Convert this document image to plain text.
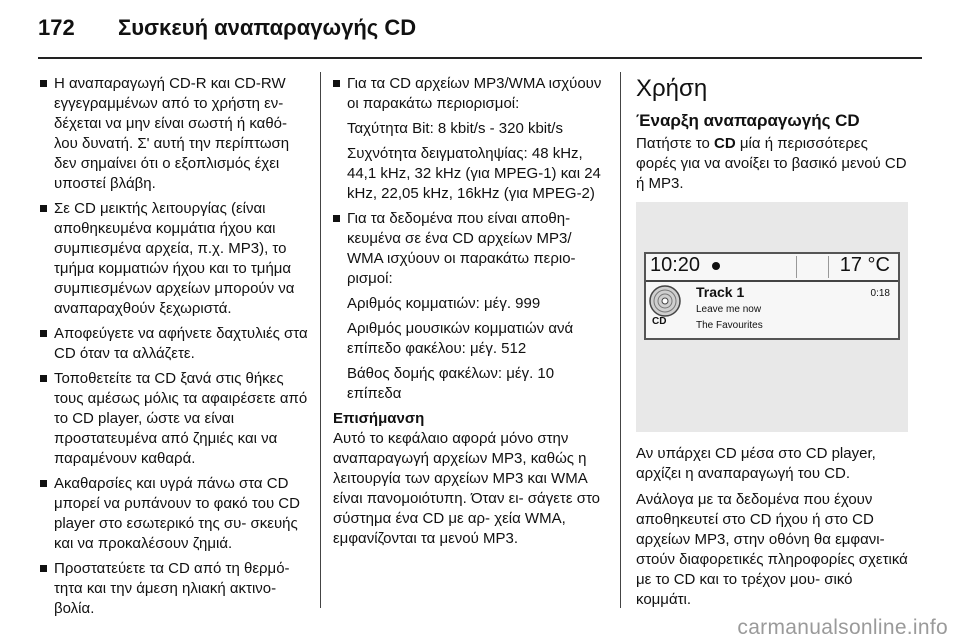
172 Συσκευή αναπαραγωγής CD
Η αναπαραγωγή CD-R και CD-RW εγγεγραμμένων από το χρήστη εν- δέχεται να μην είναι σωστή ή καθό- λου δυνατή. Σ' αυτή την περίπτωση δεν σημαίνει ότι ο εξοπλισμός έχει υποστεί βλάβη.
Σε CD μεικτής λειτουργίας (είναι αποθηκευμένα κομμάτια ήχου και συμπιεσμένα αρχεία, π.χ. MP3), το τμήμα κομματιών ήχου και το τμήμα συμπιεσμένων αρχείων μπορούν να αναπαραχθούν ξεχωριστά.
Αποφεύγετε να αφήνετε δαχτυλιές στα CD όταν τα αλλάζετε.
Τοποθετείτε τα CD ξανά στις θήκες τους αμέσως μόλις τα αφαιρέσετε από το CD player, ώστε να είναι προστατευμένα από ζημιές και να παραμένουν καθαρά.
Ακαθαρσίες και υγρά πάνω στα CD μπορεί να ρυπάνουν το φακό του CD player στο εσωτερικό της συ- σκευής και να προκαλέσουν ζημιά.
Προστατεύετε τα CD από τη θερμό- τητα και την άμεση ηλιακή ακτινο- βολία.
Για τα CD αρχείων MP3/WMA ισχύουν οι παρακάτω περιορισμοί:

Ταχύτητα Bit: 8 kbit/s - 320 kbit/s

Συχνότητα δειγματοληψίας: 48 kHz, 44,1 kHz, 32 kHz (για MPEG-1) και 24 kHz, 22,05 kHz, 16kHz (για MPEG-2)

Για τα δεδομένα που είναι αποθη- κευμένα σε ένα CD αρχείων MP3/ WMA ισχύουν οι παρακάτω περιο- ρισμοί:

Αριθμός κομματιών: μέγ. 999

Αριθμός μουσικών κομματιών ανά επίπεδο φακέλου: μέγ. 512

Βάθος δομής φακέλων: μέγ. 10 επίπεδα

Επισήμανση

Αυτό το κεφάλαιο αφορά μόνο στην αναπαραγωγή αρχείων MP3, καθώς η λειτουργία των αρχείων MP3 και WMA είναι πανομοιότυπη. Όταν ει- σάγετε στο σύστημα ένα CD με αρ- χεία WMA, εμφανίζονται τα μενού MP3.

Χρήση
Έναρξη αναπαραγωγής CD

Πατήστε το CD μία ή περισσότερες φορές για να ανοίξει το βασικό μενού CD ή MP3.

10:20	17 °C
CD
Track 1
Leave me now
The Favourites
0:18

Αν υπάρχει CD μέσα στο CD player, αρχίζει η αναπαραγωγή του CD.

Ανάλογα με τα δεδομένα που έχουν αποθηκευτεί στο CD ήχου ή στο CD αρχείων MP3, στην οθόνη θα εμφανι- στούν διαφορετικές πληροφορίες σχετικά με το CD και το τρέχον μου- σικό κομμάτι.

carmanualsonline.info
